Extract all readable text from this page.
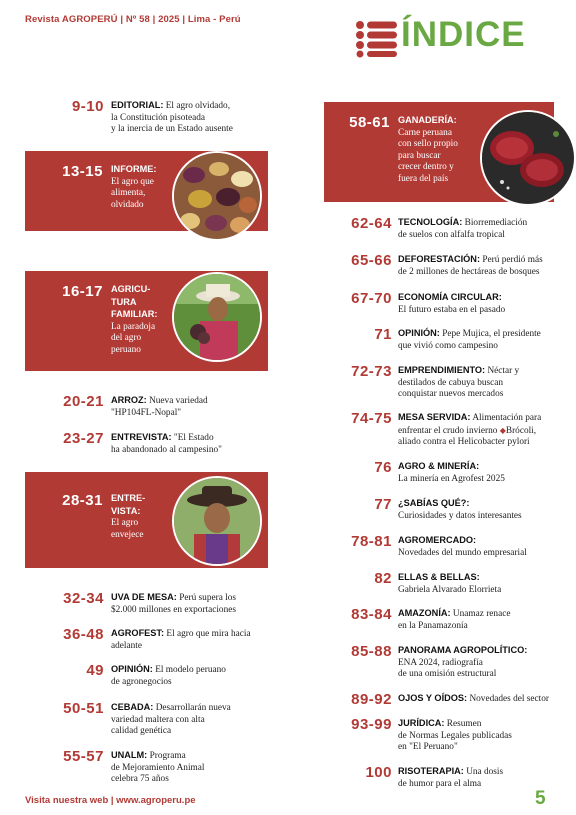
Revista AGROPERÚ | Nº 58 | 2025 | Lima - Perú	ÍNDICE
9-10 EDITORIAL: El agro olvidado,
la Constitución pisoteada
y la inercia de un Estado ausente
13-15 INFORME:
El agro que
alimenta,
olvidado
16-17 AGRICU-
TURA
FAMILIAR:
La paradoja
del agro
peruano
20-21 ARROZ: Nueva variedad
"HP104FL-Nopal"
23-27 ENTREVISTA: "El Estado
ha abandonado al campesino"
28-31 ENTRE-
VISTA:
El agro
envejece
32-34 UVA DE MESA: Perú supera los
$2.000 millones en exportaciones
36-48 AGROFEST: El agro que mira hacia
adelante
49 OPINIÓN: El modelo peruano
de agronegocios
50-51 CEBADA: Desarrollarán nueva
variedad maltera con alta
calidad genética
55-57 UNALM: Programa
de Mejoramiento Animal
celebra 75 años
58-61 GANADERÍA:
Carne peruana
con sello propio
para buscar
crecer dentro y
fuera del país
62-64 TECNOLOGÍA: Biorremediación
de suelos con alfalfa tropical
65-66 DEFORESTACIÓN: Perú perdió más
de 2 millones de hectáreas de bosques
67-70 ECONOMÍA CIRCULAR:
El futuro estaba en el pasado
71 OPINIÓN: Pepe Mujica, el presidente
que vivió como campesino
72-73 EMPRENDIMIENTO: Néctar y
destilados de cabuya buscan
conquistar nuevos mercados
74-75 MESA SERVIDA: Alimentación para
enfrentar el crudo invierno ◆Brócoli,
aliado contra el Helicobacter pylori
76 AGRO & MINERÍA:
La minería en Agrofest 2025
77 ¿SABÍAS QUÉ?:
Curiosidades y datos interesantes
78-81 AGROMERCADO:
Novedades del mundo empresarial
82 ELLAS & BELLAS:
Gabriela Alvarado Elorrieta
83-84 AMAZONÍA: Unamaz renace
en la Panamazonía
85-88 PANORAMA AGROPOLÍTICO:
ENA 2024, radiografía
de una omisión estructural
89-92 OJOS Y OÍDOS: Novedades del sector
93-99 JURÍDICA: Resumen
de Normas Legales publicadas
en "El Peruano"
100 RISOTERAPIA: Una dosis
de humor para el alma
Visita nuestra web | www.agroperu.pe	5
